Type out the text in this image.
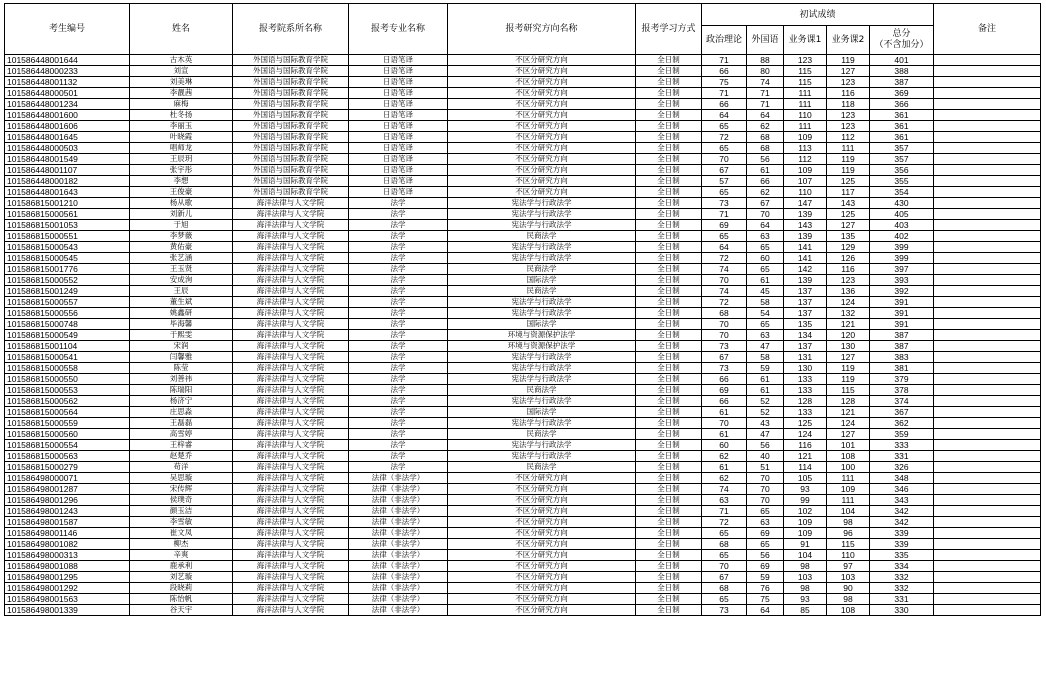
考生编号	姓名	报考院系所名称	报考专业名称	报考研究方向名称	报考学习方式	初试成绩					备注
						政治理论	外国语	业务课1	业务课2	总分
（不含加分）	
101586448001644	古木英	外国语与国际教育学院	日语笔译	不区分研究方向	全日制	71	88	123	119	401	
101586448000233	刘宣	外国语与国际教育学院	日语笔译	不区分研究方向	全日制	66	80	115	127	388	
101586448001132	刘美琳	外国语与国际教育学院	日语笔译	不区分研究方向	全日制	75	74	115	123	387	
101586448000501	李靓茜	外国语与国际教育学院	日语笔译	不区分研究方向	全日制	71	71	111	116	369	
101586448001234	麻梅	外国语与国际教育学院	日语笔译	不区分研究方向	全日制	66	71	111	118	366	
101586448001600	杜冬扬	外国语与国际教育学院	日语笔译	不区分研究方向	全日制	64	64	110	123	361	
101586448001606	李丽玉	外国语与国际教育学院	日语笔译	不区分研究方向	全日制	65	62	111	123	361	
101586448001645	叶晓霞	外国语与国际教育学院	日语笔译	不区分研究方向	全日制	72	68	109	112	361	
101586448000503	唱师龙	外国语与国际教育学院	日语笔译	不区分研究方向	全日制	65	68	113	111	357	
101586448001549	王辰玥	外国语与国际教育学院	日语笔译	不区分研究方向	全日制	70	56	112	119	357	
101586448001107	张宇彤	外国语与国际教育学院	日语笔译	不区分研究方向	全日制	67	61	109	119	356	
101586448000182	李想	外国语与国际教育学院	日语笔译	不区分研究方向	全日制	57	66	107	125	355	
101586448001643	王俊豪	外国语与国际教育学院	日语笔译	不区分研究方向	全日制	65	62	110	117	354	
101586815001210	杨从歌	海洋法律与人文学院	法学	宪法学与行政法学	全日制	73	67	147	143	430	
101586815000561	刘新儿	海洋法律与人文学院	法学	宪法学与行政法学	全日制	71	70	139	125	405	
101586815001053	于旭	海洋法律与人文学院	法学	宪法学与行政法学	全日制	69	64	143	127	403	
101586815000551	李梦薇	海洋法律与人文学院	法学	民商法学	全日制	65	63	139	135	402	
101586815000543	黄佑豪	海洋法律与人文学院	法学	宪法学与行政法学	全日制	64	65	141	129	399	
101586815000545	张艺涵	海洋法律与人文学院	法学	宪法学与行政法学	全日制	72	60	141	126	399	
101586815001776	王玉贤	海洋法律与人文学院	法学	民商法学	全日制	74	65	142	116	397	
101586815000552	安成洵	海洋法律与人文学院	法学	国际法学	全日制	70	61	139	123	393	
101586815001249	王辰	海洋法律与人文学院	法学	民商法学	全日制	74	45	137	136	392	
101586815000557	董生斌	海洋法律与人文学院	法学	宪法学与行政法学	全日制	72	58	137	124	391	
101586815000556	姚鑫研	海洋法律与人文学院	法学	宪法学与行政法学	全日制	68	54	137	132	391	
101586815000748	毕海馨	海洋法律与人文学院	法学	国际法学	全日制	70	65	135	121	391	
101586815000549	于熙雯	海洋法律与人文学院	法学	环境与资源保护法学	全日制	70	63	134	120	387	
101586815001104	宋润	海洋法律与人文学院	法学	环境与资源保护法学	全日制	73	47	137	130	387	
101586815000541	闫馨雅	海洋法律与人文学院	法学	宪法学与行政法学	全日制	67	58	131	127	383	
101586815000558	陈莹	海洋法律与人文学院	法学	宪法学与行政法学	全日制	73	59	130	119	381	
101586815000550	刘善祎	海洋法律与人文学院	法学	宪法学与行政法学	全日制	66	61	133	119	379	
101586815000553	陈瑞阳	海洋法律与人文学院	法学	民商法学	全日制	69	61	133	115	378	
101586815000562	杨济宁	海洋法律与人文学院	法学	宪法学与行政法学	全日制	66	52	128	128	374	
101586815000564	庄思淼	海洋法律与人文学院	法学	国际法学	全日制	61	52	133	121	367	
101586815000559	王磊磊	海洋法律与人文学院	法学	宪法学与行政法学	全日制	70	43	125	124	362	
101586815000560	高雪婷	海洋法律与人文学院	法学	民商法学	全日制	61	47	124	127	359	
101586815000554	王梓睿	海洋法律与人文学院	法学	宪法学与行政法学	全日制	60	56	116	101	333	
101586815000563	赵楚乔	海洋法律与人文学院	法学	宪法学与行政法学	全日制	62	40	121	108	331	
101586815000279	苟洋	海洋法律与人文学院	法学	民商法学	全日制	61	51	114	100	326	
101586498000071	吴思璇	海洋法律与人文学院	法律（非法学）	不区分研究方向	全日制	62	70	105	111	348	
101586498001287	宋传辉	海洋法律与人文学院	法律（非法学）	不区分研究方向	全日制	74	70	93	109	346	
101586498001296	侯璞奇	海洋法律与人文学院	法律（非法学）	不区分研究方向	全日制	63	70	99	111	343	
101586498001243	颜玉洁	海洋法律与人文学院	法律（非法学）	不区分研究方向	全日制	71	65	102	104	342	
101586498001587	李雪敏	海洋法律与人文学院	法律（非法学）	不区分研究方向	全日制	72	63	109	98	342	
101586498001146	崔文凤	海洋法律与人文学院	法律（非法学）	不区分研究方向	全日制	65	69	109	96	339	
101586498001082	柳杰	海洋法律与人文学院	法律（非法学）	不区分研究方向	全日制	68	65	91	115	339	
101586498000313	辛爽	海洋法律与人文学院	法律（非法学）	不区分研究方向	全日制	65	56	104	110	335	
101586498001088	鹿承利	海洋法律与人文学院	法律（非法学）	不区分研究方向	全日制	70	69	98	97	334	
101586498001295	刘艺璇	海洋法律与人文学院	法律（非法学）	不区分研究方向	全日制	67	59	103	103	332	
101586498001292	段晓莉	海洋法律与人文学院	法律（非法学）	不区分研究方向	全日制	68	76	98	90	332	
101586498001563	陈怡帆	海洋法律与人文学院	法律（非法学）	不区分研究方向	全日制	65	75	93	98	331	
101586498001339	谷天宇	海洋法律与人文学院	法律（非法学）	不区分研究方向	全日制	73	64	85	108	330	
